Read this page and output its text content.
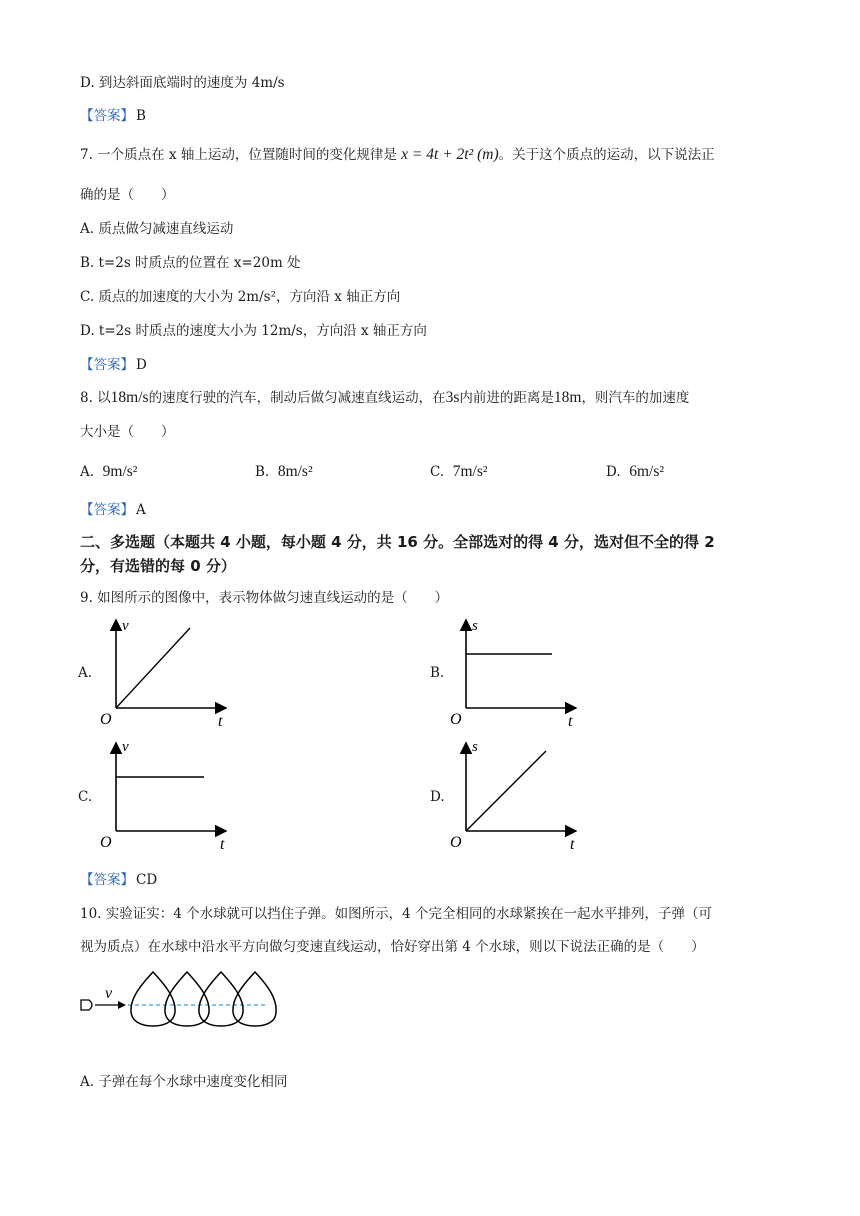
D. 到达斜面底端时的速度为 4m/s
【答案】 B
7. 一个质点在 x 轴上运动，位置随时间的变化规律是 x = 4t + 2t² (m)。关于这个质点的运动，以下说法正
确的是（　　）
A. 质点做匀减速直线运动
B. t=2s 时质点的位置在 x=20m 处
C. 质点的加速度的大小为 2m/s²，方向沿 x 轴正方向
D. t=2s 时质点的速度大小为 12m/s，方向沿 x 轴正方向
【答案】 D
8. 以18m/s的速度行驶的汽车，制动后做匀减速直线运动，在3s内前进的距离是18m，则汽车的加速度
大小是（　　）
A. 9m/s²	B. 8m/s²	C. 7m/s²	D. 6m/s²
【答案】 A
二、多选题（本题共 4 小题，每小题 4 分，共 16 分。全部选对的得 4 分，选对但不全的得 2
分，有选错的每 0 分）
9. 如图所示的图像中，表示物体做匀速直线运动的是（　　）
A.
v
O	t
B.
s
O	t
C.
v
O	t
D.
s
O	t
【答案】 CD
10. 实验证实：4 个水球就可以挡住子弹。如图所示，4 个完全相同的水球紧挨在一起水平排列，子弹（可
视为质点）在水球中沿水平方向做匀变速直线运动，恰好穿出第 4 个水球，则以下说法正确的是（　　）
v
A. 子弹在每个水球中速度变化相同
